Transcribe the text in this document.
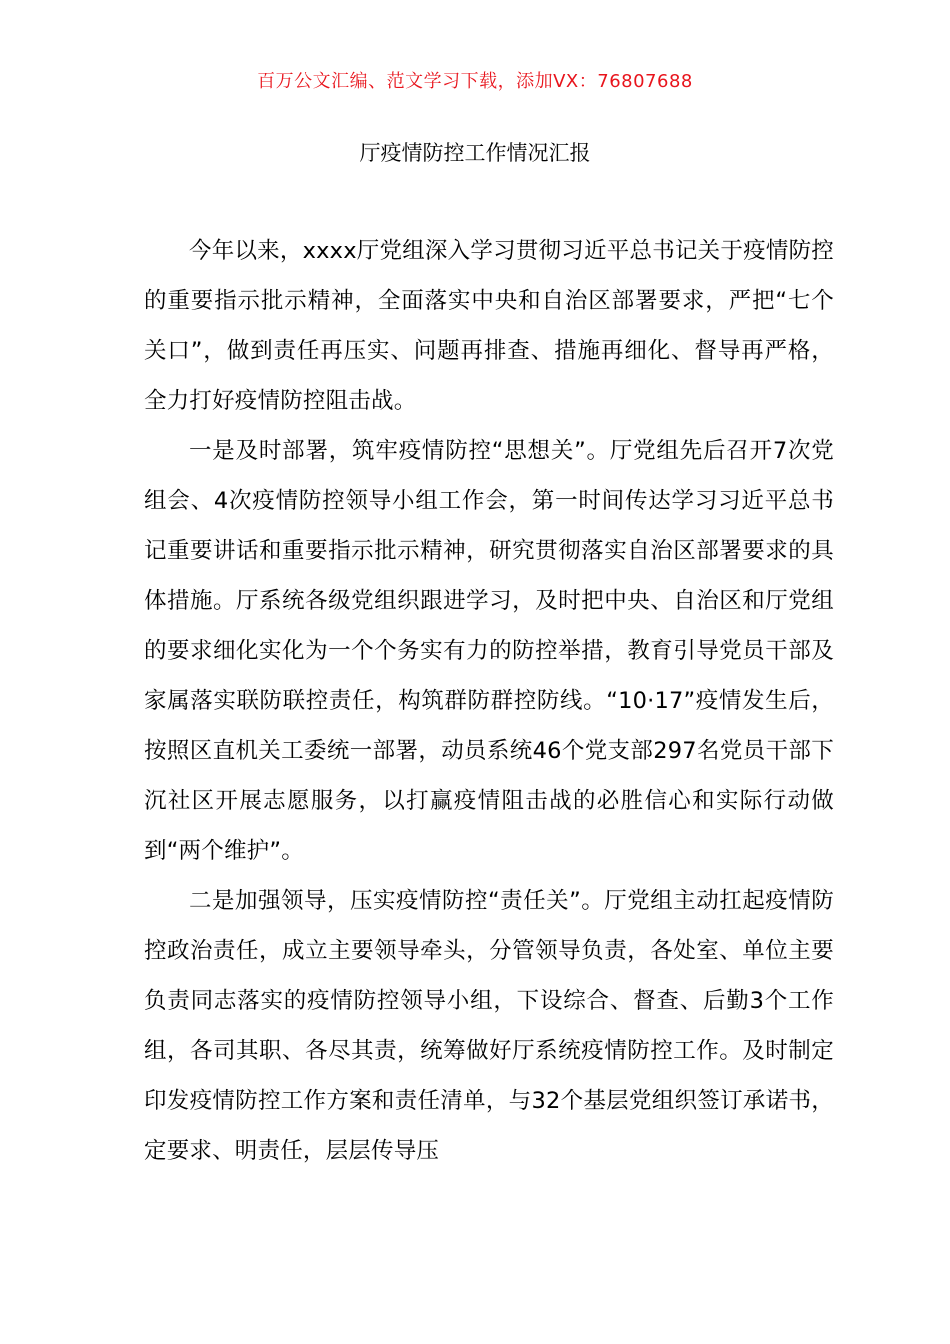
百万公文汇编、范文学习下载，添加VX：76807688
厅疫情防控工作情况汇报

今年以来，xxxx厅党组深入学习贯彻习近平总书记关于疫情防控的重要指示批示精神，全面落实中央和自治区部署要求，严把“七个关口”，做到责任再压实、问题再排查、措施再细化、督导再严格，全力打好疫情防控阻击战。

一是及时部署，筑牢疫情防控“思想关”。厅党组先后召开7次党组会、4次疫情防控领导小组工作会，第一时间传达学习习近平总书记重要讲话和重要指示批示精神，研究贯彻落实自治区部署要求的具体措施。厅系统各级党组织跟进学习，及时把中央、自治区和厅党组的要求细化实化为一个个务实有力的防控举措，教育引导党员干部及家属落实联防联控责任，构筑群防群控防线。“10·17”疫情发生后，按照区直机关工委统一部署，动员系统46个党支部297名党员干部下沉社区开展志愿服务，以打赢疫情阻击战的必胜信心和实际行动做到“两个维护”。

二是加强领导，压实疫情防控“责任关”。厅党组主动扛起疫情防控政治责任，成立主要领导牵头，分管领导负责，各处室、单位主要负责同志落实的疫情防控领导小组，下设综合、督查、后勤3个工作组，各司其职、各尽其责，统筹做好厅系统疫情防控工作。及时制定印发疫情防控工作方案和责任清单，与32个基层党组织签订承诺书，定要求、明责任，层层传导压
